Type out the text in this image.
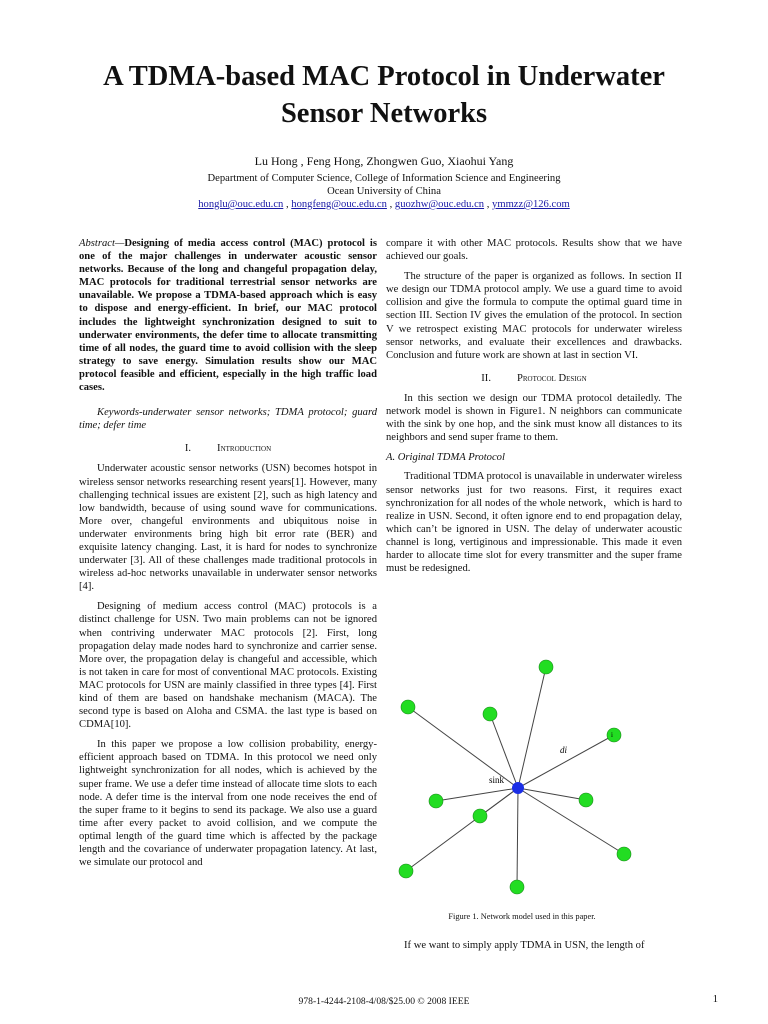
A TDMA-based MAC Protocol in Underwater Sensor Networks
Lu Hong , Feng Hong, Zhongwen Guo, Xiaohui Yang
Department of Computer Science, College of Information Science and Engineering
Ocean University of China
honglu@ouc.edu.cn , hongfeng@ouc.edu.cn , guozhw@ouc.edu.cn , ymmzz@126.com

Abstract—Designing of media access control (MAC) protocol is one of the major challenges in underwater acoustic sensor networks. Because of the long and changeful propagation delay, MAC protocols for traditional terrestrial sensor networks are unavailable. We propose a TDMA-based approach which is easy to dispose and energy-efficient. In brief, our MAC protocol includes the lightweight synchronization designed to suit to underwater environments, the defer time to allocate transmitting time of all nodes, the guard time to avoid collision with the sleep strategy to save energy. Simulation results show our MAC protocol feasible and efficient, especially in the high traffic load cases.

Keywords-underwater sensor networks; TDMA protocol; guard time; defer time

I. Introduction

Underwater acoustic sensor networks (USN) becomes hotspot in wireless sensor networks researching resent years[1]. However, many challenging technical issues are existent [2], such as high latency and low bandwidth, because of using sound wave for communications. More over, changeful environments and ubiquitous noise in underwater environments bring high bit error rate (BER) and exquisite latency changing. Last, it is hard for nodes to synchronize underwater [3]. All of these challenges made traditional protocols in wireless ad-hoc networks unavailable in underwater sensor networks [4].

Designing of medium access control (MAC) protocols is a distinct challenge for USN. Two main problems can not be ignored when contriving underwater MAC protocols [2]. First, long propagation delay made nodes hard to synchronize and carrier sense. More over, the propagation delay is changeful and accessible, which is not taken in care for most of conventional MAC protocols. Existing MAC protocols for USN are mainly classified in three types [4]. First kind of them are based on handshake mechanism (MACA). The second type is based on Aloha and CSMA. the last type is based on CDMA[10].

In this paper we propose a low collision probability, energy-efficient approach based on TDMA. In this protocol we need only lightweight synchronization for all nodes, which is achieved by the super frame. We use a defer time instead of allocate time slots to each node. A defer time is the interval from one node receives the end of the super frame to it begins to send its package. We also use a guard time after every packet to avoid collision, and we compute the optimal length of the guard time which is affected by the package length and the covariance of underwater propagation latency. At last, we simulate our protocol and

compare it with other MAC protocols. Results show that we have achieved our goals.

The structure of the paper is organized as follows. In section II we design our TDMA protocol amply. We use a guard time to avoid collision and give the formula to compute the optimal guard time in section III. Section IV gives the emulation of the protocol. In section V we retrospect existing MAC protocols for underwater wireless sensor networks, and evaluate their excellences and drawbacks. Conclusion and future work are shown at last in section VI.

II. Protocol Design

In this section we design our TDMA protocol detailedly. The network model is shown in Figure1. N neighbors can communicate with the sink by one hop, and the sink must know all distances to its neighbors and send super frame to them.

A. Original TDMA Protocol

Traditional TDMA protocol is unavailable in underwater wireless sensor networks just for two reasons. First, it requires exact synchronization for all nodes of the whole network，which is hard to realize in USN. Second, it often ignore end to end propagation delay, which can’t be ignored in USN. The delay of underwater acoustic channel is long, vertiginous and impressionable. This made it even harder to allocate time slot for every transmitter and the super frame must be redesigned.

sink
di
i
Figure 1. Network model used in this paper.
If we want to simply apply TDMA in USN, the length of
978-1-4244-2108-4/08/$25.00 © 2008 IEEE	1
